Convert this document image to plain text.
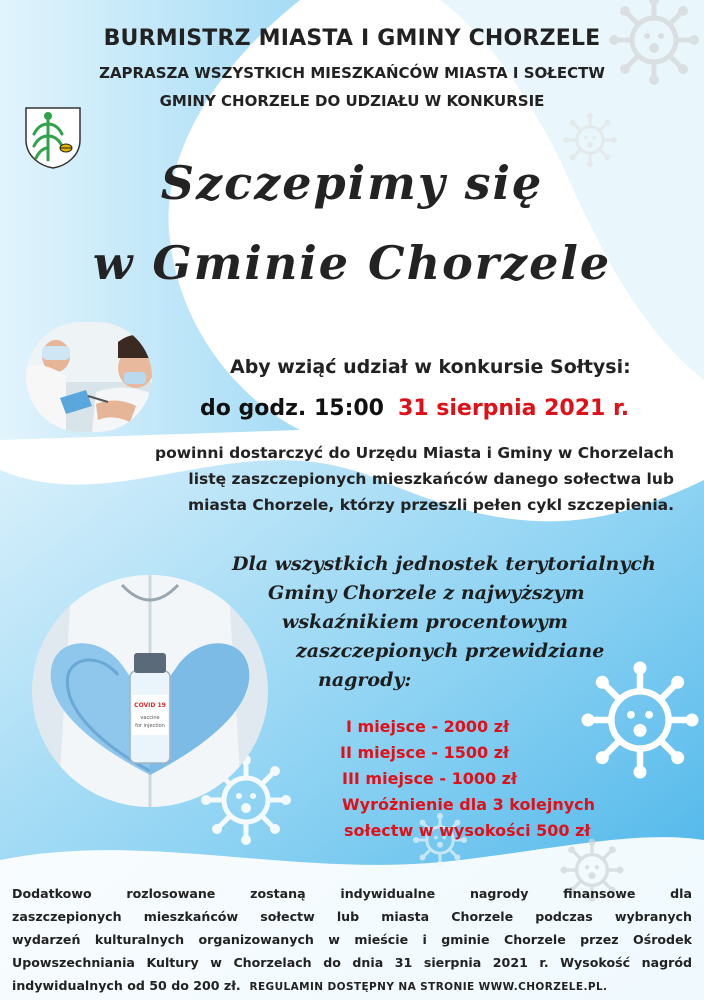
BURMISTRZ MIASTA I GMINY CHORZELE
ZAPRASZA WSZYSTKICH MIESZKAŃCÓW MIASTA I SOŁECTW
GMINY CHORZELE DO UDZIAŁU W KONKURSIE
Szczepimy się
w Gminie Chorzele
Aby wziąć udział w konkursie Sołtysi:
do godz. 15:00 31 sierpnia 2021 r.
powinni dostarczyć do Urzędu Miasta i Gminy w Chorzelach
listę zaszczepionych mieszkańców danego sołectwa lub
miasta Chorzele, którzy przeszli pełen cykl szczepienia.
Dla wszystkich jednostek terytorialnych
Gminy Chorzele z najwyższym
wskaźnikiem procentowym
zaszczepionych przewidziane
nagrody:
COVID 19
vaccine
for injection	I miejsce - 2000 zł
II miejsce - 1500 zł
III miejsce - 1000 zł
Wyróżnienie dla 3 kolejnych
sołectw w wysokości 500 zł
Dodatkowo rozlosowane zostaną indywidualne nagrody finansowe dla
zaszczepionych mieszkańców sołectw lub miasta Chorzele podczas wybranych
wydarzeń kulturalnych organizowanych w mieście i gminie Chorzele przez Ośrodek
Upowszechniania Kultury w Chorzelach do dnia 31 sierpnia 2021 r. Wysokość nagród
indywidualnych od 50 do 200 zł. REGULAMIN DOSTĘPNY NA STRONIE WWW.CHORZELE.PL.
